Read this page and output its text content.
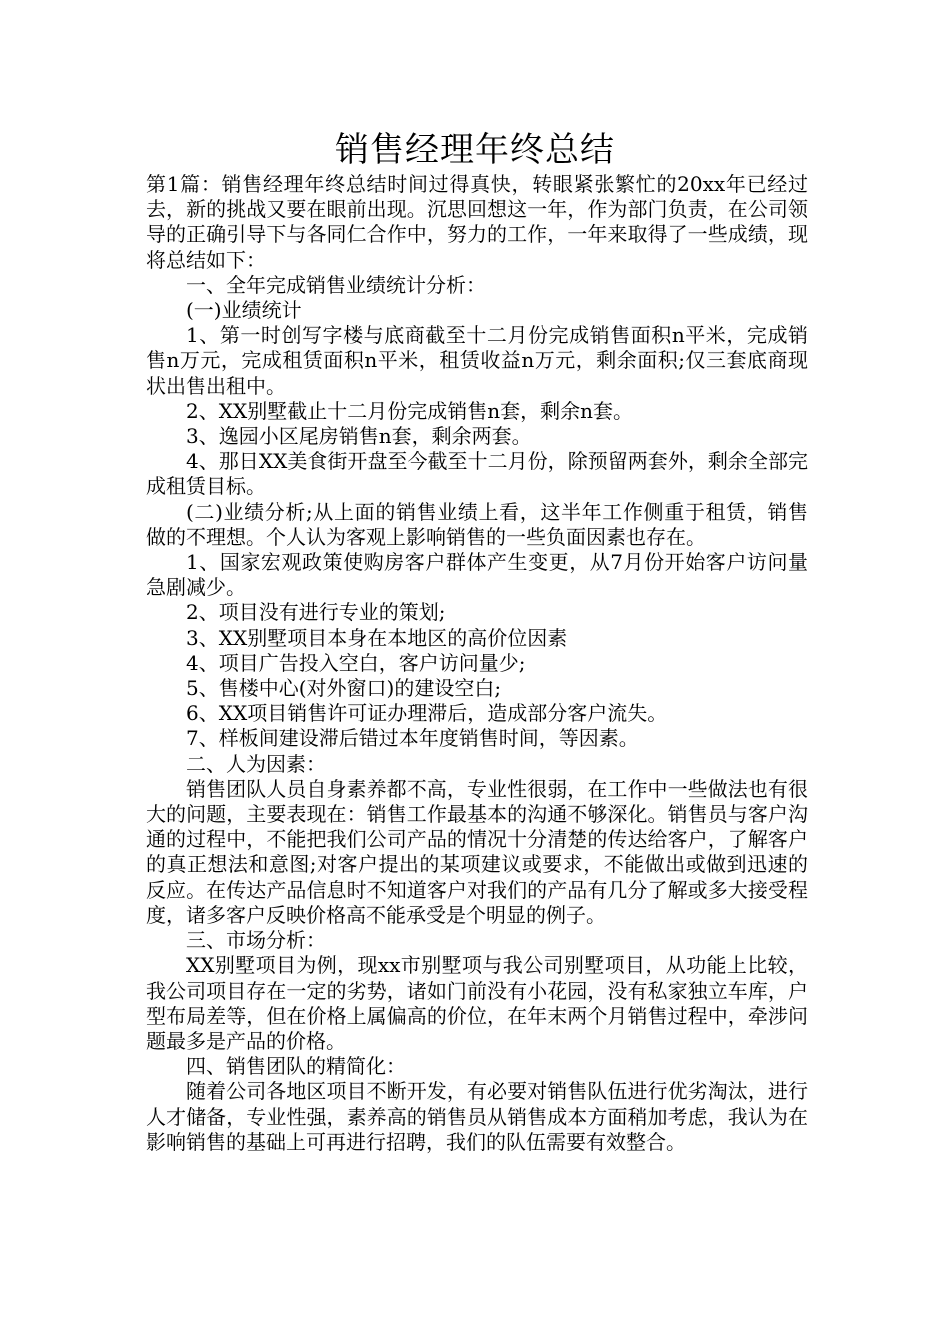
销售经理年终总结

第1篇：销售经理年终总结时间过得真快，转眼紧张繁忙的20xx年已经过去，新的挑战又要在眼前出现。沉思回想这一年，作为部门负责，在公司领导的正确引导下与各同仁合作中，努力的工作，一年来取得了一些成绩，现将总结如下：

一、全年完成销售业绩统计分析：

(一)业绩统计

1、第一时创写字楼与底商截至十二月份完成销售面积n平米，完成销售n万元，完成租赁面积n平米，租赁收益n万元，剩余面积;仅三套底商现状出售出租中。

2、XX别墅截止十二月份完成销售n套，剩余n套。

3、逸园小区尾房销售n套，剩余两套。

4、那日XX美食街开盘至今截至十二月份，除预留两套外，剩余全部完成租赁目标。

(二)业绩分析;从上面的销售业绩上看，这半年工作侧重于租赁，销售做的不理想。个人认为客观上影响销售的一些负面因素也存在。

1、国家宏观政策使购房客户群体产生变更，从7月份开始客户访问量急剧减少。

2、项目没有进行专业的策划;

3、XX别墅项目本身在本地区的高价位因素

4、项目广告投入空白，客户访问量少;

5、售楼中心(对外窗口)的建设空白;

6、XX项目销售许可证办理滞后，造成部分客户流失。

7、样板间建设滞后错过本年度销售时间，等因素。

二、人为因素：

销售团队人员自身素养都不高，专业性很弱，在工作中一些做法也有很大的问题，主要表现在：销售工作最基本的沟通不够深化。销售员与客户沟通的过程中，不能把我们公司产品的情况十分清楚的传达给客户，了解客户的真正想法和意图;对客户提出的某项建议或要求，不能做出或做到迅速的反应。在传达产品信息时不知道客户对我们的产品有几分了解或多大接受程度，诸多客户反映价格高不能承受是个明显的例子。

三、市场分析：

XX别墅项目为例，现xx市别墅项与我公司别墅项目，从功能上比较，我公司项目存在一定的劣势，诸如门前没有小花园，没有私家独立车库，户型布局差等，但在价格上属偏高的价位，在年末两个月销售过程中，牵涉问题最多是产品的价格。

四、销售团队的精简化：

随着公司各地区项目不断开发，有必要对销售队伍进行优劣淘汰，进行人才储备，专业性强，素养高的销售员从销售成本方面稍加考虑，我认为在影响销售的基础上可再进行招聘，我们的队伍需要有效整合。
